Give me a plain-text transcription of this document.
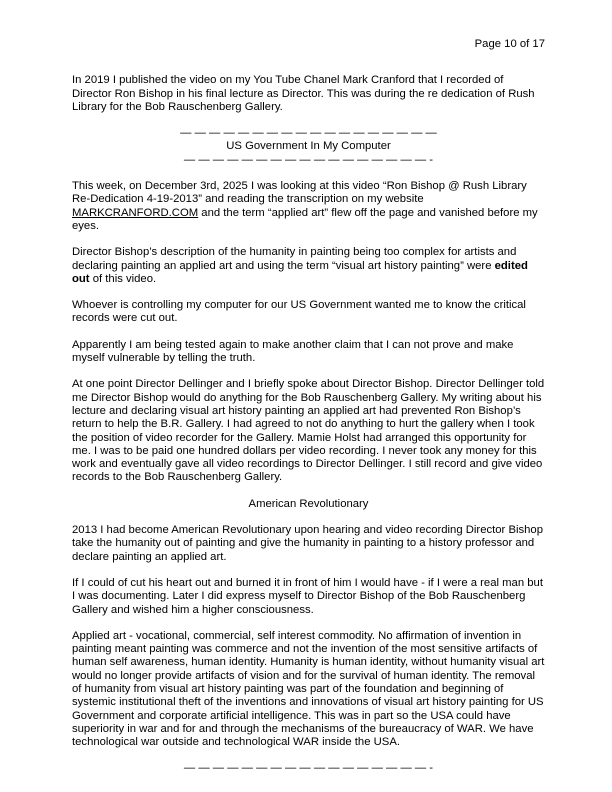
Page 10 of 17

In 2019 I published the video on my You Tube Chanel Mark Cranford that I recorded of Director Ron Bishop in his final lecture as Director. This was during the re dedication of Rush Library for the Bob Rauschenberg Gallery.

— — — — — — — — — — — — — — — — — —
US Government In My Computer
— — — — — — — — — — — — — — — — — -

This week, on December 3rd, 2025 I was looking at this video “Ron Bishop @ Rush Library Re-Dedication 4-19-2013” and reading the transcription on my website MARKCRANFORD.COM and the term “applied art” flew off the page and vanished before my eyes.

Director Bishop’s description of the humanity in painting being too complex for artists and declaring painting an applied art and using the term “visual art history painting” were edited out of this video.

Whoever is controlling my computer for our US Government wanted me to know the critical records were cut out.

Apparently I am being tested again to make another claim that I can not prove and make myself vulnerable by telling the truth.

At one point Director Dellinger and I briefly spoke about Director Bishop. Director Dellinger told me Director Bishop would do anything for the Bob Rauschenberg Gallery. My writing about his lecture and declaring visual art history painting an applied art had prevented Ron Bishop’s return to help the B.R. Gallery. I had agreed to not do anything to hurt the gallery when I took the position of video recorder for the Gallery. Mamie Holst had arranged this opportunity for me. I was to be paid one hundred dollars per video recording. I never took any money for this work and eventually gave all video recordings to Director Dellinger. I still record and give video records to the Bob Rauschenberg Gallery.

American Revolutionary

2013 I had become American Revolutionary upon hearing and video recording Director Bishop take the humanity out of painting and give the humanity in painting to a history professor and declare painting an applied art.

If I could of cut his heart out and burned it in front of him I would have - if I were a real man but I was documenting. Later I did express myself to Director Bishop of the Bob Rauschenberg Gallery and wished him a higher consciousness.

Applied art - vocational, commercial, self interest commodity. No affirmation of invention in painting meant painting was commerce and not the invention of the most sensitive artifacts of human self awareness, human identity. Humanity is human identity, without humanity visual art would no longer provide artifacts of vision and for the survival of human identity. The removal of humanity from visual art history painting was part of the foundation and beginning of systemic institutional theft of the inventions and innovations of visual art history painting for US Government and corporate artificial intelligence. This was in part so the USA could have superiority in war and for and through the mechanisms of the bureaucracy of WAR. We have technological war outside and technological WAR inside the USA.

— — — — — — — — — — — — — — — — — -
